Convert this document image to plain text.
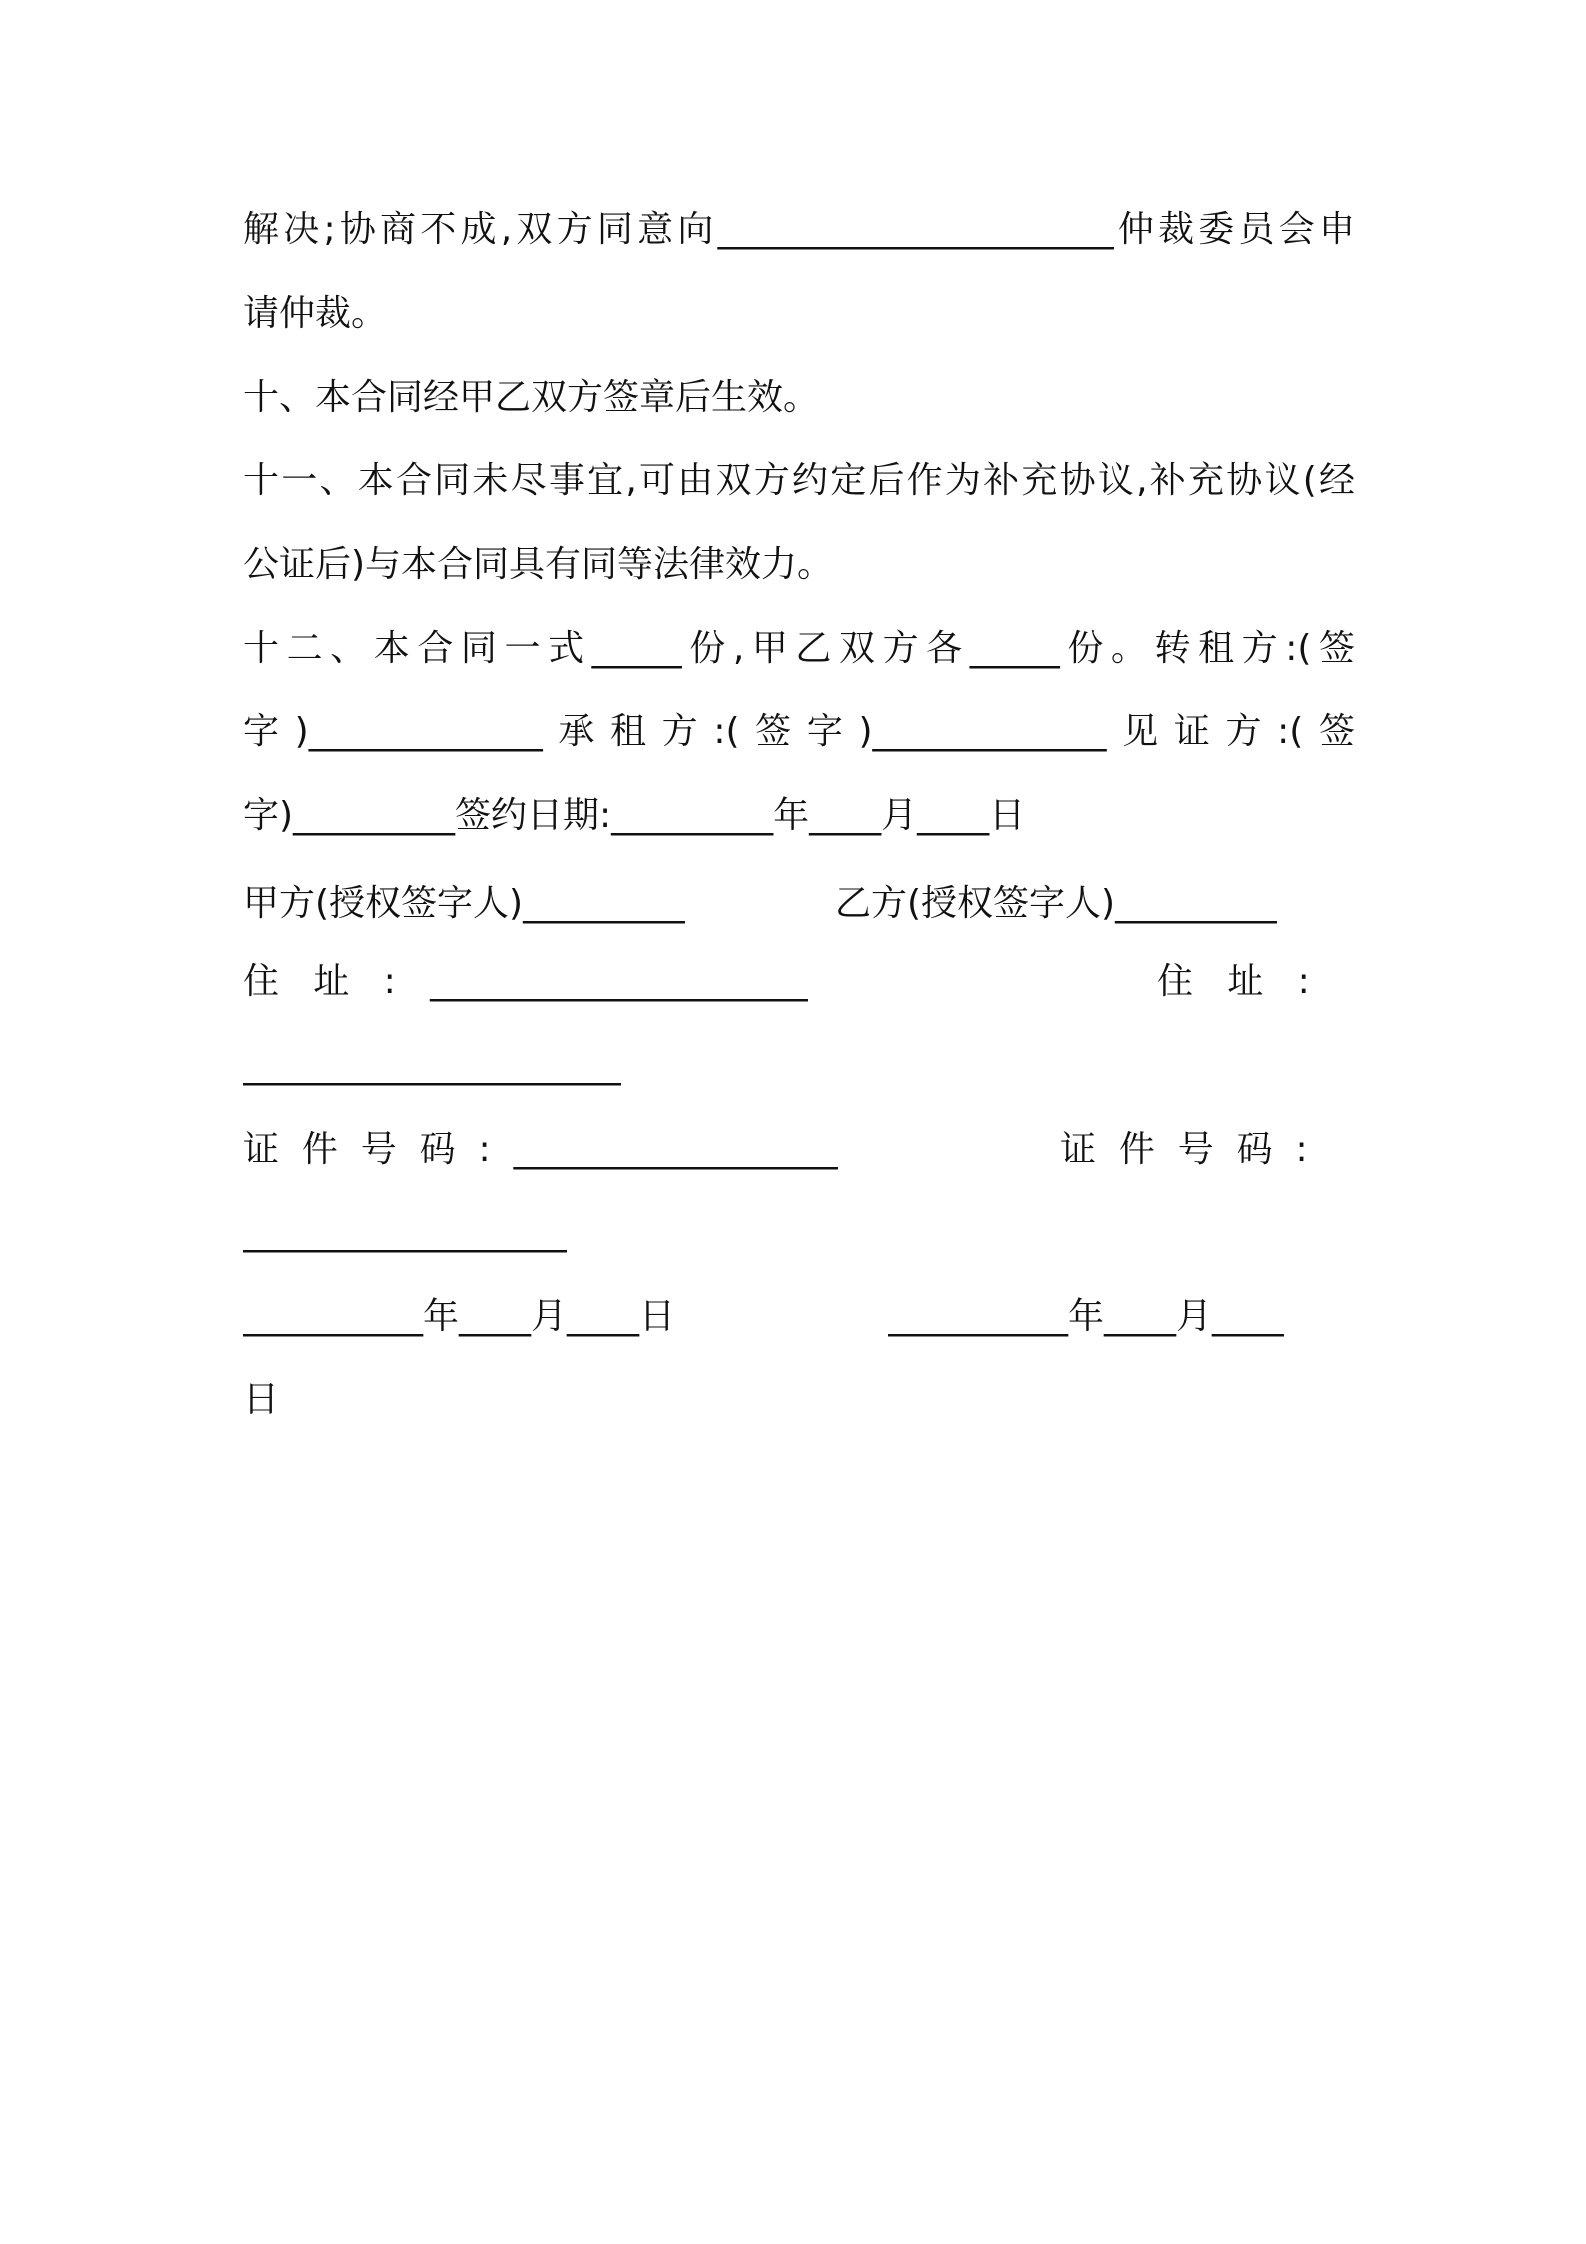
解决;协商不成,双方同意向______________________仲裁委员会申
请仲裁。
十、本合同经甲乙双方签章后生效。
十一、本合同未尽事宜,可由双方约定后作为补充协议,补充协议(经
公证后)与本合同具有同等法律效力。
十二、本合同一式_____份,甲乙双方各_____份。转租方:(签
字)_____________承租方:(签字)_____________见证方:(签
字)_________签约日期:_________年____月____日
甲方(授权签字人)_________	乙方(授权签字人)_________
住   址   :   _____________________	住   址   :
_____________________
证  件  号  码  :  __________________	证  件  号  码  :
__________________
__________年____月____日	__________年____月____
日
